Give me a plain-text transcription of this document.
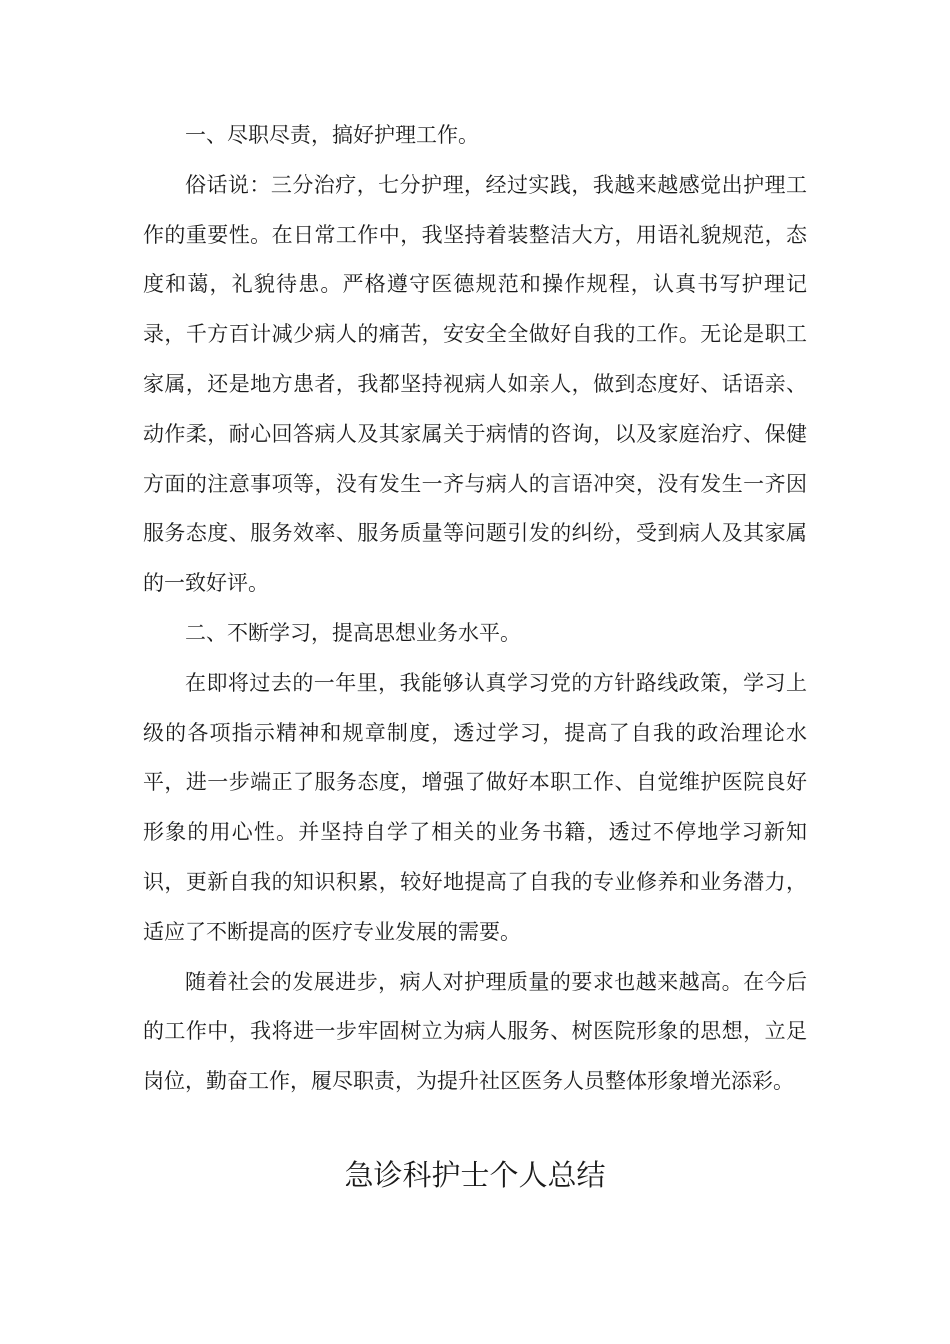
一、尽职尽责，搞好护理工作。

俗话说：三分治疗，七分护理，经过实践，我越来越感觉出护理工作的重要性。在日常工作中，我坚持着装整洁大方，用语礼貌规范，态度和蔼，礼貌待患。严格遵守医德规范和操作规程，认真书写护理记录，千方百计减少病人的痛苦，安安全全做好自我的工作。无论是职工家属，还是地方患者，我都坚持视病人如亲人，做到态度好、话语亲、动作柔，耐心回答病人及其家属关于病情的咨询，以及家庭治疗、保健方面的注意事项等，没有发生一齐与病人的言语冲突，没有发生一齐因服务态度、服务效率、服务质量等问题引发的纠纷，受到病人及其家属的一致好评。

二、不断学习，提高思想业务水平。

在即将过去的一年里，我能够认真学习党的方针路线政策，学习上级的各项指示精神和规章制度，透过学习，提高了自我的政治理论水平，进一步端正了服务态度，增强了做好本职工作、自觉维护医院良好形象的用心性。并坚持自学了相关的业务书籍，透过不停地学习新知识，更新自我的知识积累，较好地提高了自我的专业修养和业务潜力，适应了不断提高的医疗专业发展的需要。

随着社会的发展进步，病人对护理质量的要求也越来越高。在今后的工作中，我将进一步牢固树立为病人服务、树医院形象的思想，立足岗位，勤奋工作，履尽职责，为提升社区医务人员整体形象增光添彩。

急诊科护士个人总结
